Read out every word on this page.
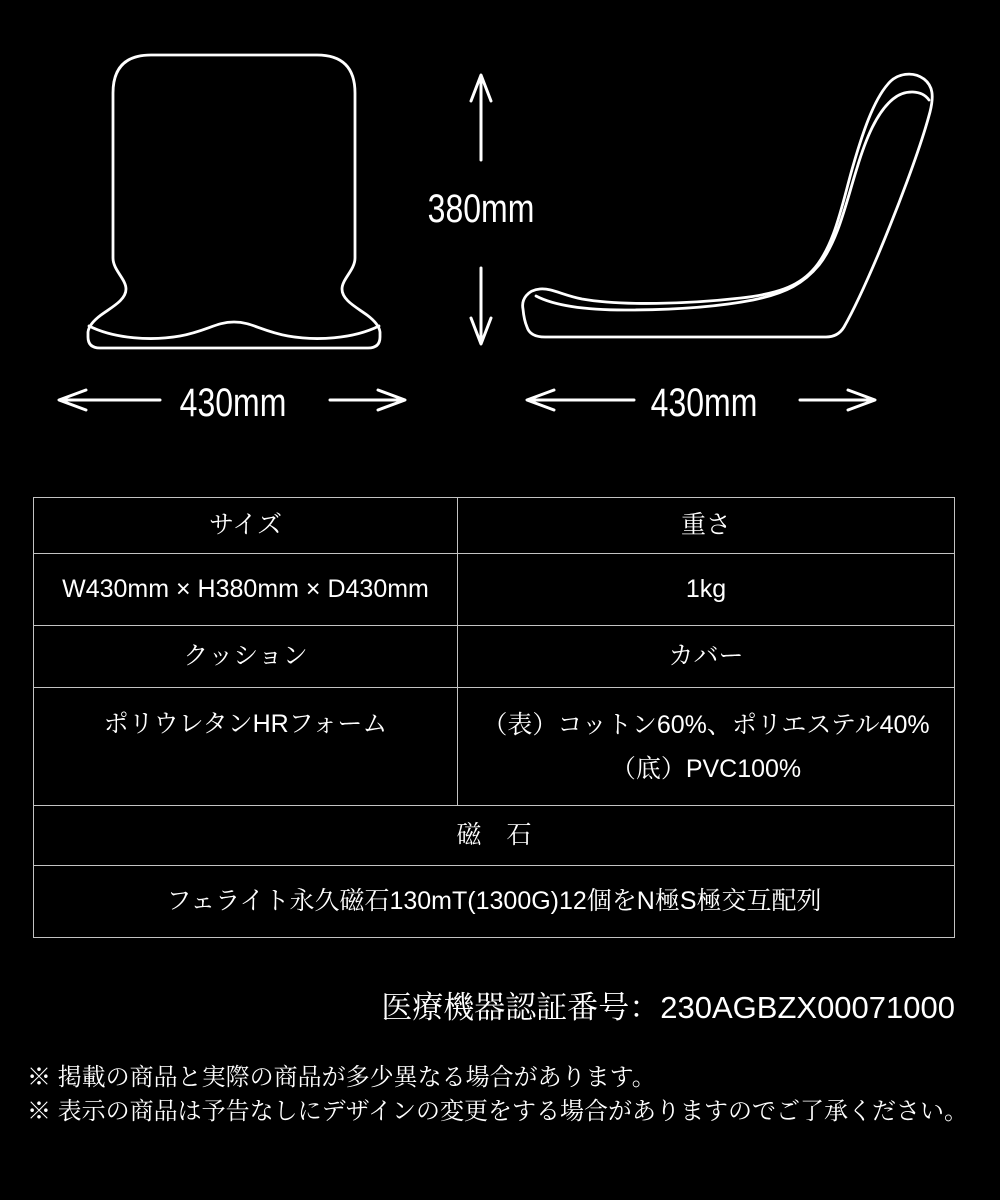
380mm
430mm	430mm
サイズ	重さ
W430mm × H380mm × D430mm	1kg
クッション	カバー

ポリウレタンHRフォーム	（表）コットン60%、ポリエステル40%
（底）PVC100%

磁　石	
フェライト永久磁石130mT(1300G)12個をN極S極交互配列	
医療機器認証番号：230AGBZX00071000
※ 掲載の商品と実際の商品が多少異なる場合があります。
※ 表示の商品は予告なしにデザインの変更をする場合がありますのでご了承ください。
